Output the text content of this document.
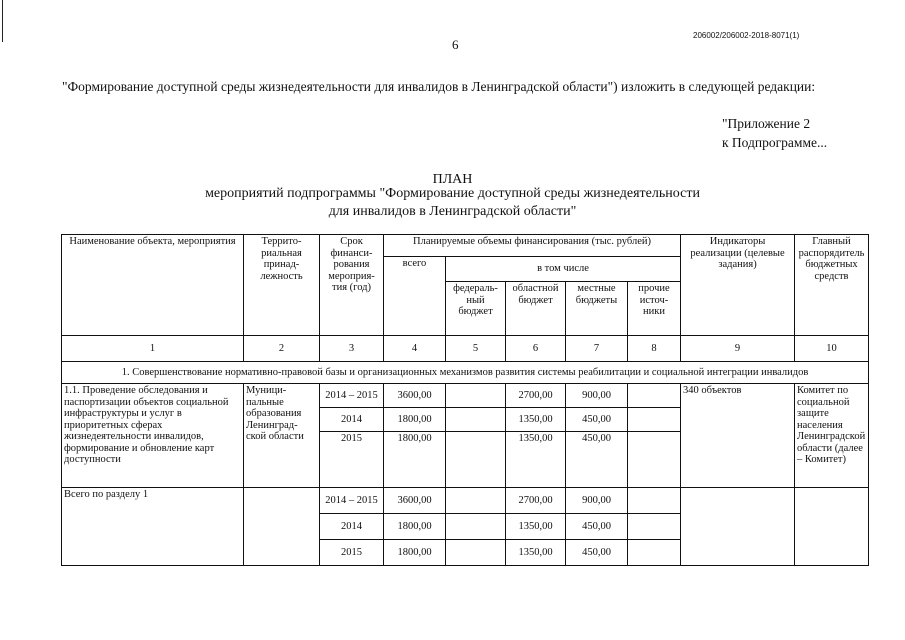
206002/206002-2018-8071(1)
6
"Формирование доступной среды жизнедеятельности для инвалидов в Ленинградской области") изложить в следующей редакции:
"Приложение 2
к Подпрограмме...
ПЛАН
мероприятий подпрограммы "Формирование доступной среды жизнедеятельности
для инвалидов в Ленинградской области"
Наименование объекта, мероприятия	Террито-риальная принад-лежность	Срок финанси-рования мероприя-тия (год)	Планируемые объемы финансирования (тыс. рублей)					Индикаторы реализации (целевые задания)	Главный распорядитель бюджетных средств
			всего	в том числе					
				федераль-ный бюджет	областной бюджет	местные бюджеты	прочие источ-ники		
1	2	3	4	5	6	7	8	9	10
1. Совершенствование нормативно-правовой базы и организационных механизмов развития системы реабилитации и социальной интеграции инвалидов									
1.1. Проведение обследования и паспортизации объектов социальной инфраструктуры и услуг в приоритетных сферах жизнедеятельности инвалидов, формирование и обновление карт доступности	Муници-пальные образования Ленинград-ской области	2014 – 2015	3600,00		2700,00	900,00		340 объектов	Комитет по социальной защите населения Ленинградской области (далее – Комитет)
		2014	1800,00		1350,00	450,00			
		2015	1800,00		1350,00	450,00			
Всего по разделу 1		2014 – 2015	3600,00		2700,00	900,00			
		2014	1800,00		1350,00	450,00			
		2015	1800,00		1350,00	450,00			
